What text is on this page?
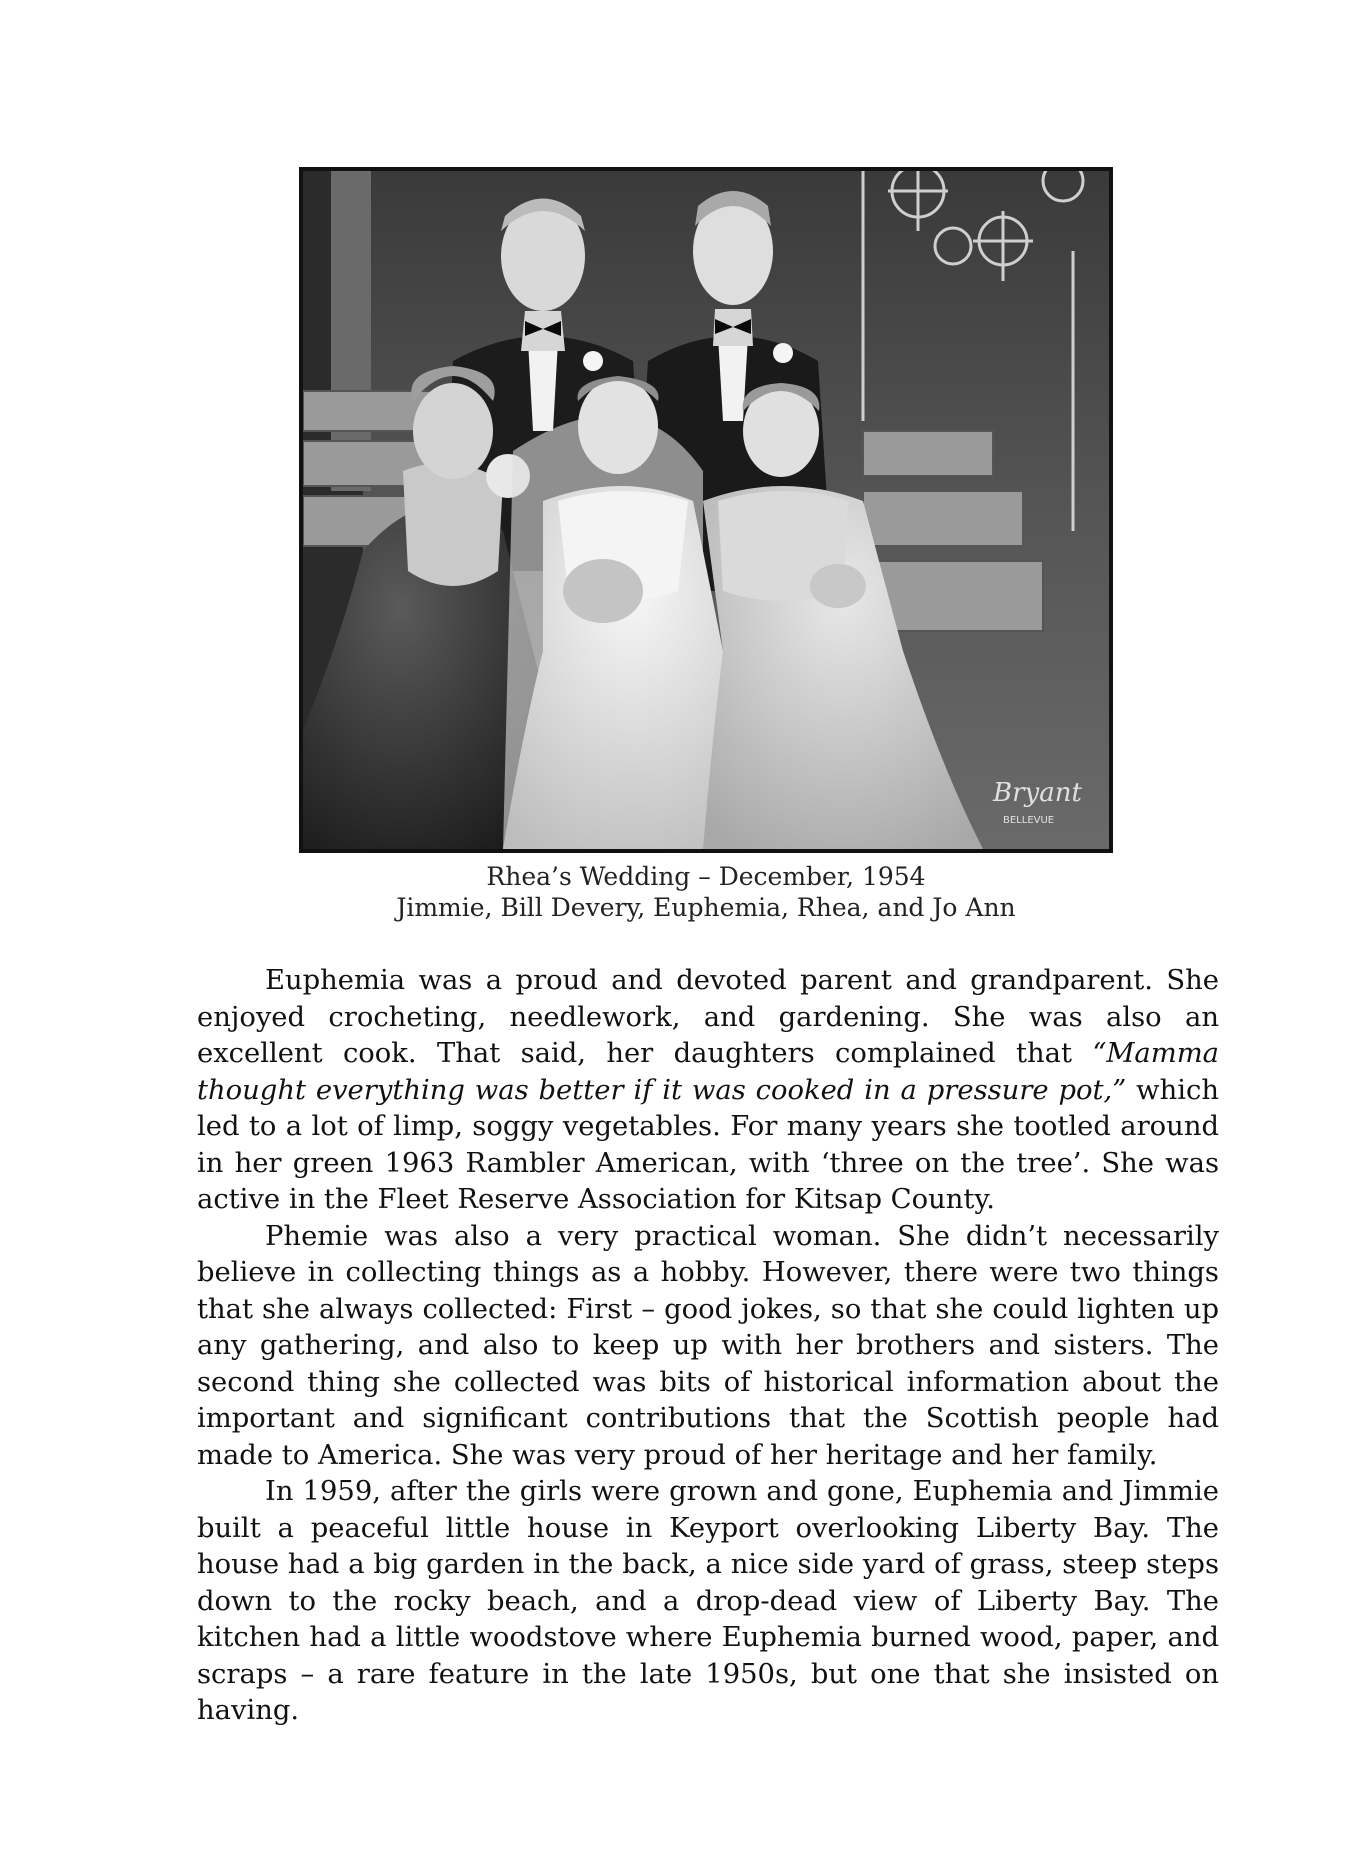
Bryant
BELLEVUE
Rhea’s Wedding – December, 1954
Jimmie, Bill Devery, Euphemia, Rhea, and Jo Ann

Euphemia was a proud and devoted parent and grandparent. She enjoyed crocheting, needlework, and gardening. She was also an excellent cook. That said, her daughters complained that “Mamma thought everything was better if it was cooked in a pressure pot,” which led to a lot of limp, soggy vegetables. For many years she tootled around in her green 1963 Rambler American, with ‘three on the tree’. She was active in the Fleet Reserve Association for Kitsap County.

Phemie was also a very practical woman. She didn’t necessarily believe in collecting things as a hobby. However, there were two things that she always collected: First – good jokes, so that she could lighten up any gathering, and also to keep up with her brothers and sisters. The second thing she collected was bits of historical information about the important and significant contributions that the Scottish people had made to America. She was very proud of her heritage and her family.

In 1959, after the girls were grown and gone, Euphemia and Jimmie built a peaceful little house in Keyport overlooking Liberty Bay. The house had a big garden in the back, a nice side yard of grass, steep steps down to the rocky beach, and a drop-dead view of Liberty Bay. The kitchen had a little woodstove where Euphemia burned wood, paper, and scraps – a rare feature in the late 1950s, but one that she insisted on having.
